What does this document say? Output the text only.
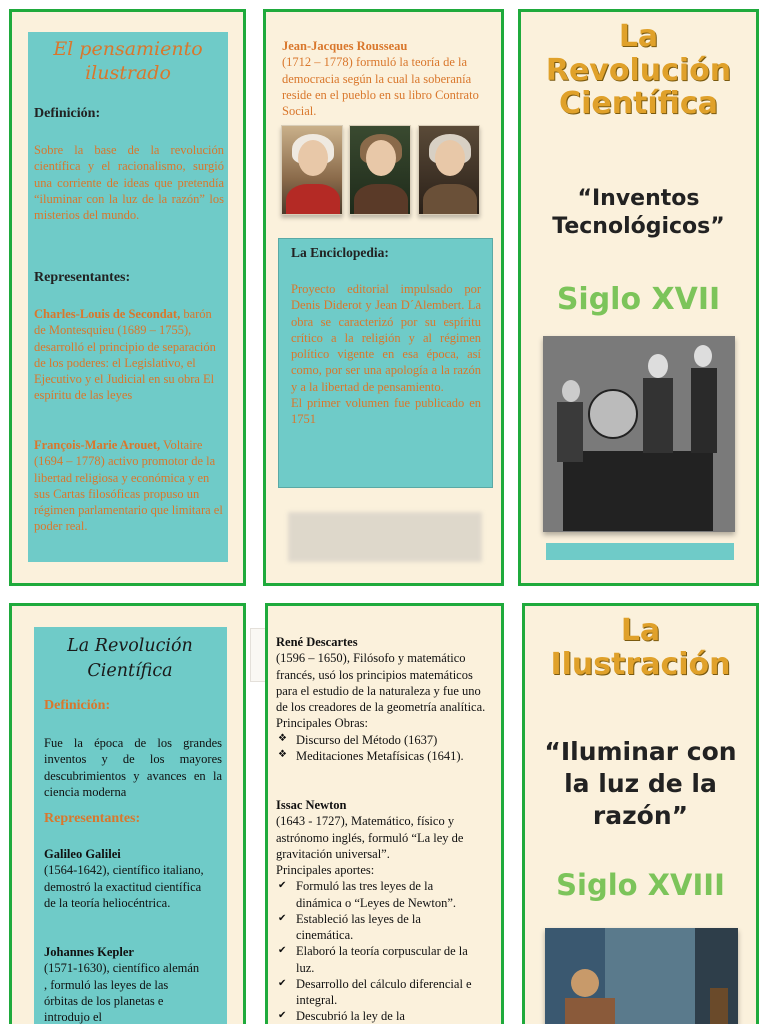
El pensamiento ilustrado
Definición:
Sobre la base de la revolución científica y el racionalismo, surgió una corriente de ideas que pretendía “iluminar con la luz de la razón” los misterios del mundo.
Representantes:
Charles-Louis de Secondat, barón de Montesquieu (1689 – 1755), desarrolló el principio de separación de los poderes: el Legislativo, el Ejecutivo y el Judicial en su obra El espíritu de las leyes
François-Marie Arouet, Voltaire (1694 – 1778) activo promotor de la libertad religiosa y económica y en sus Cartas filosóficas propuso un régimen parlamentario que limitara el poder real.
Jean-Jacques Rousseau
(1712 – 1778) formuló la teoría de la democracia según la cual la soberanía reside en el pueblo en su libro Contrato Social.
La Enciclopedia:
Proyecto editorial impulsado por Denis Diderot y Jean D´Alembert. La obra se caracterizó por su espíritu crítico a la religión y al régimen político vigente en esa época, así como, por ser una apología a la razón y a la libertad de pensamiento.
El primer volumen fue publicado en 1751
La
Revolución
Científica
“Inventos
Tecnológicos”
Siglo XVII
La Revolución Científica
Definición:
Fue la época de los grandes inventos y de los mayores descubrimientos y avances en la ciencia moderna
Representantes:
Galileo Galilei
(1564-1642), científico italiano, demostró la exactitud científica de la teoría heliocéntrica.
Johannes Kepler
(1571-1630), científico alemán , formuló las leyes de las órbitas de los planetas e introdujo el
René Descartes
(1596 – 1650), Filósofo y matemático francés, usó los principios matemáticos para el estudio de la naturaleza y fue uno de los creadores de la geometría analítica.
Principales Obras:
❖ Discurso del Método (1637)
❖ Meditaciones Metafísicas (1641).
Issac Newton
(1643 - 1727), Matemático, físico y astrónomo inglés, formuló “La ley de gravitación universal”.
Principales aportes:
✔ Formuló las tres leyes de la dinámica o “Leyes de Newton”.
✔ Estableció las leyes de la cinemática.
✔ Elaboró la teoría corpuscular de la luz.
✔ Desarrollo del cálculo diferencial e integral.
✔ Descubrió la ley de la
La
Ilustración
“Iluminar con
la luz de la
razón”
Siglo XVIII
